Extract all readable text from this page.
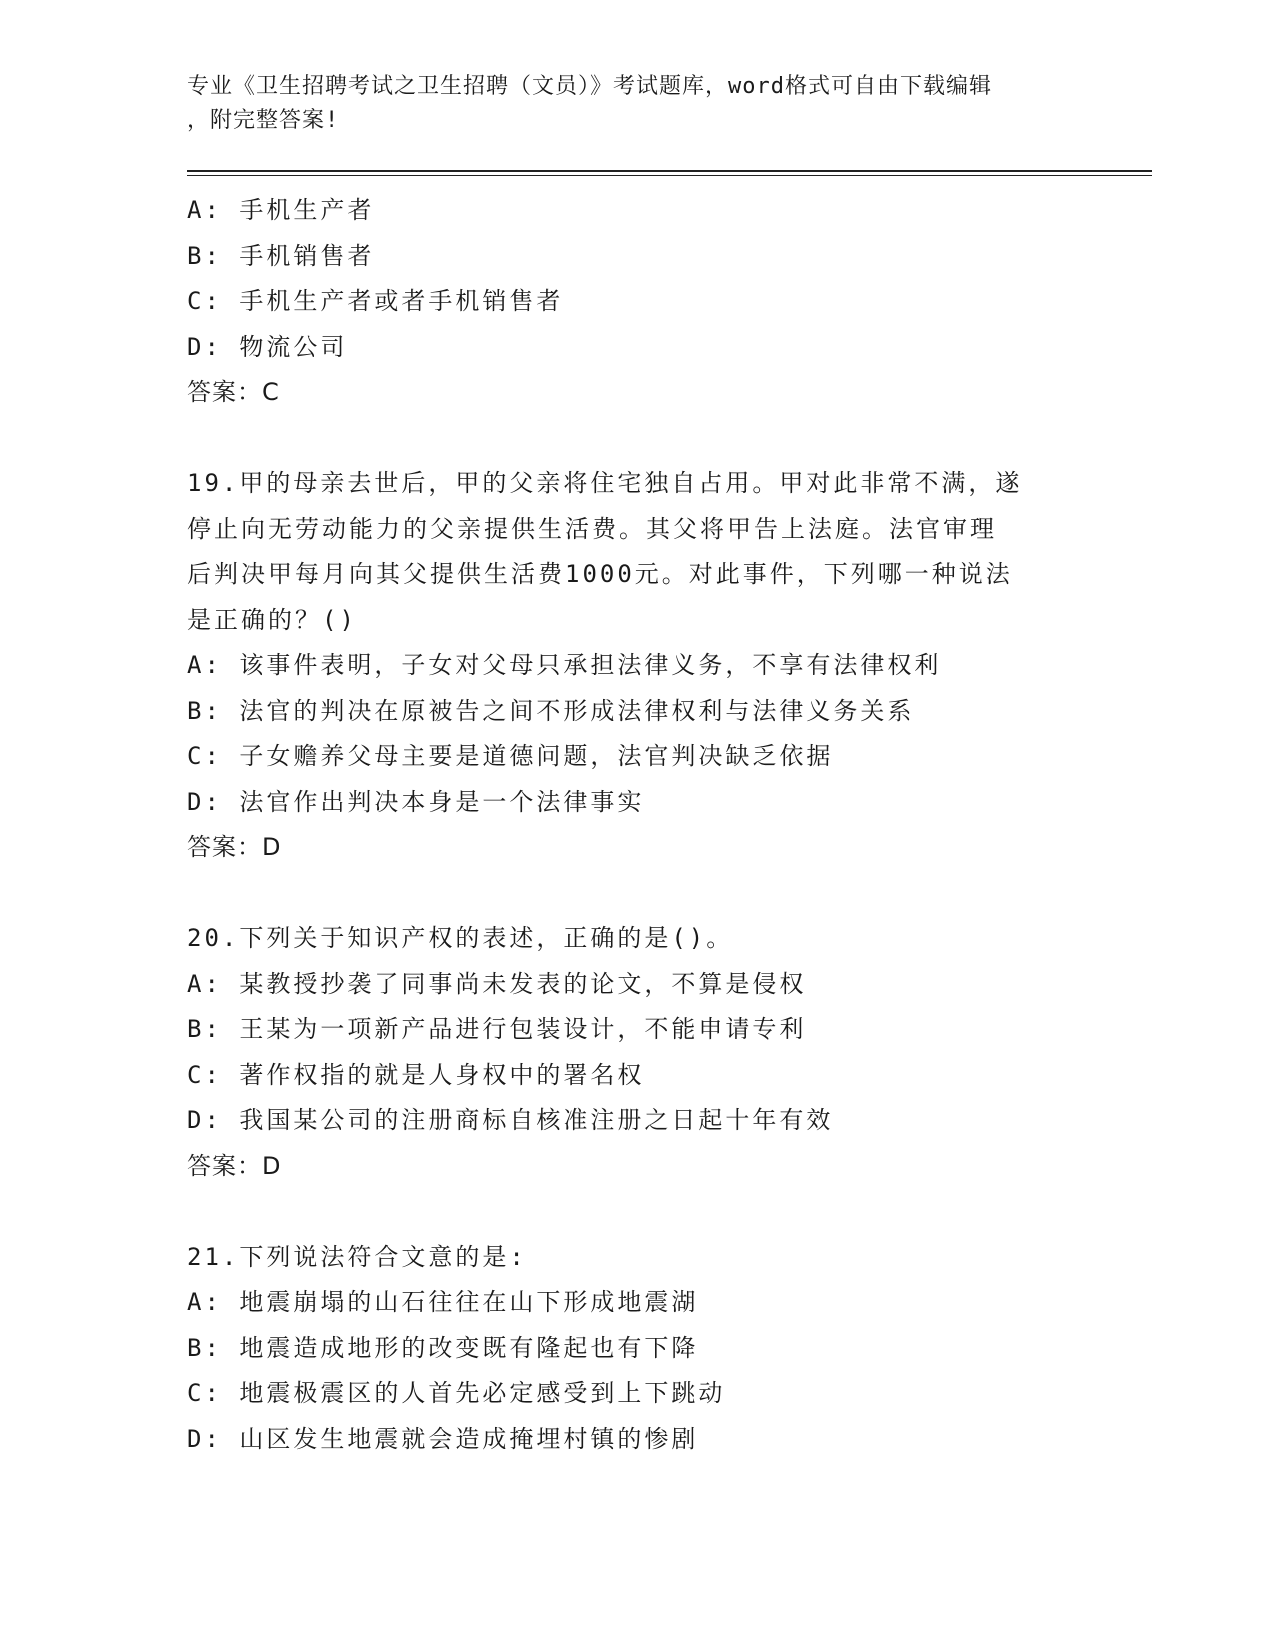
专业《卫生招聘考试之卫生招聘（文员）》考试题库，word格式可自由下载编辑
，附完整答案!
A: 手机生产者
B: 手机销售者
C: 手机生产者或者手机销售者
D: 物流公司
答案：C
19.甲的母亲去世后，甲的父亲将住宅独自占用。甲对此非常不满，遂
停止向无劳动能力的父亲提供生活费。其父将甲告上法庭。法官审理
后判决甲每月向其父提供生活费1000元。对此事件，下列哪一种说法
是正确的？()
A: 该事件表明，子女对父母只承担法律义务，不享有法律权利
B: 法官的判决在原被告之间不形成法律权利与法律义务关系
C: 子女赡养父母主要是道德问题，法官判决缺乏依据
D: 法官作出判决本身是一个法律事实
答案：D
20.下列关于知识产权的表述，正确的是()。
A: 某教授抄袭了同事尚未发表的论文，不算是侵权
B: 王某为一项新产品进行包装设计，不能申请专利
C: 著作权指的就是人身权中的署名权
D: 我国某公司的注册商标自核准注册之日起十年有效
答案：D
21.下列说法符合文意的是:
A: 地震崩塌的山石往往在山下形成地震湖
B: 地震造成地形的改变既有隆起也有下降
C: 地震极震区的人首先必定感受到上下跳动
D: 山区发生地震就会造成掩埋村镇的惨剧
